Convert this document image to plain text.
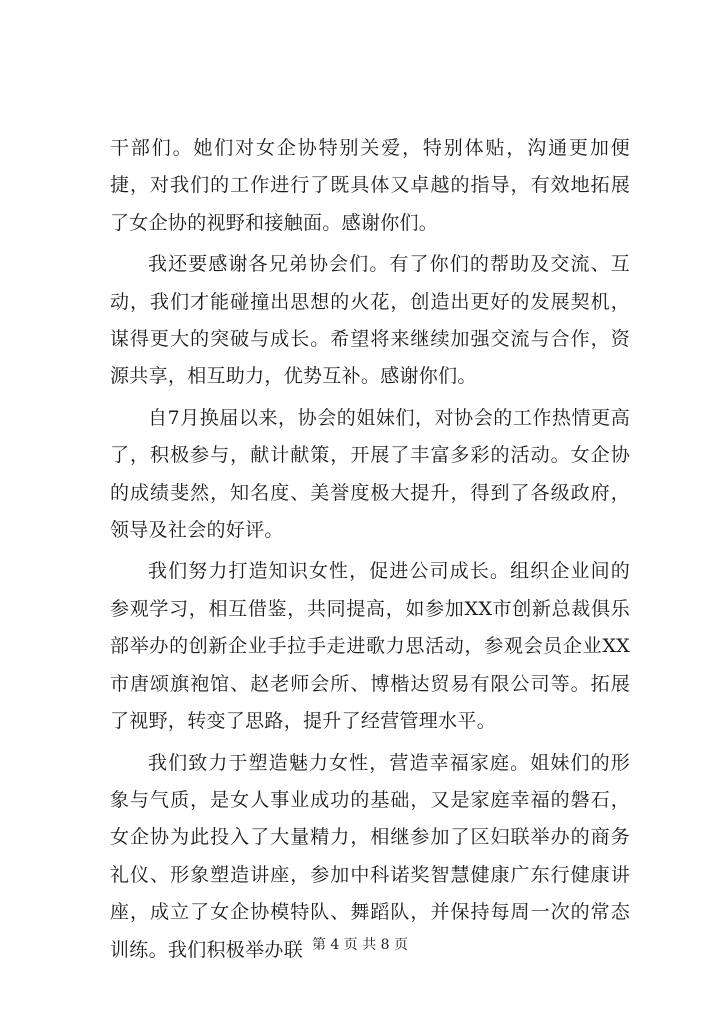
干部们。她们对女企协特别关爱，特别体贴，沟通更加便捷，对我们的工作进行了既具体又卓越的指导，有效地拓展了女企协的视野和接触面。感谢你们。

我还要感谢各兄弟协会们。有了你们的帮助及交流、互动，我们才能碰撞出思想的火花，创造出更好的发展契机，谋得更大的突破与成长。希望将来继续加强交流与合作，资源共享，相互助力，优势互补。感谢你们。

自7月换届以来，协会的姐妹们，对协会的工作热情更高了，积极参与，献计献策，开展了丰富多彩的活动。女企协的成绩斐然，知名度、美誉度极大提升，得到了各级政府，领导及社会的好评。

我们努力打造知识女性，促进公司成长。组织企业间的参观学习，相互借鉴，共同提高，如参加XX市创新总裁俱乐部举办的创新企业手拉手走进歌力思活动，参观会员企业XX市唐颂旗袍馆、赵老师会所、博楷达贸易有限公司等。拓展了视野，转变了思路，提升了经营管理水平。

我们致力于塑造魅力女性，营造幸福家庭。姐妹们的形象与气质，是女人事业成功的基础，又是家庭幸福的磐石，女企协为此投入了大量精力，相继参加了区妇联举办的商务礼仪、形象塑造讲座，参加中科诺奖智慧健康广东行健康讲座，成立了女企协模特队、舞蹈队，并保持每周一次的常态训练。我们积极举办联 第 4 页 共 8 页
